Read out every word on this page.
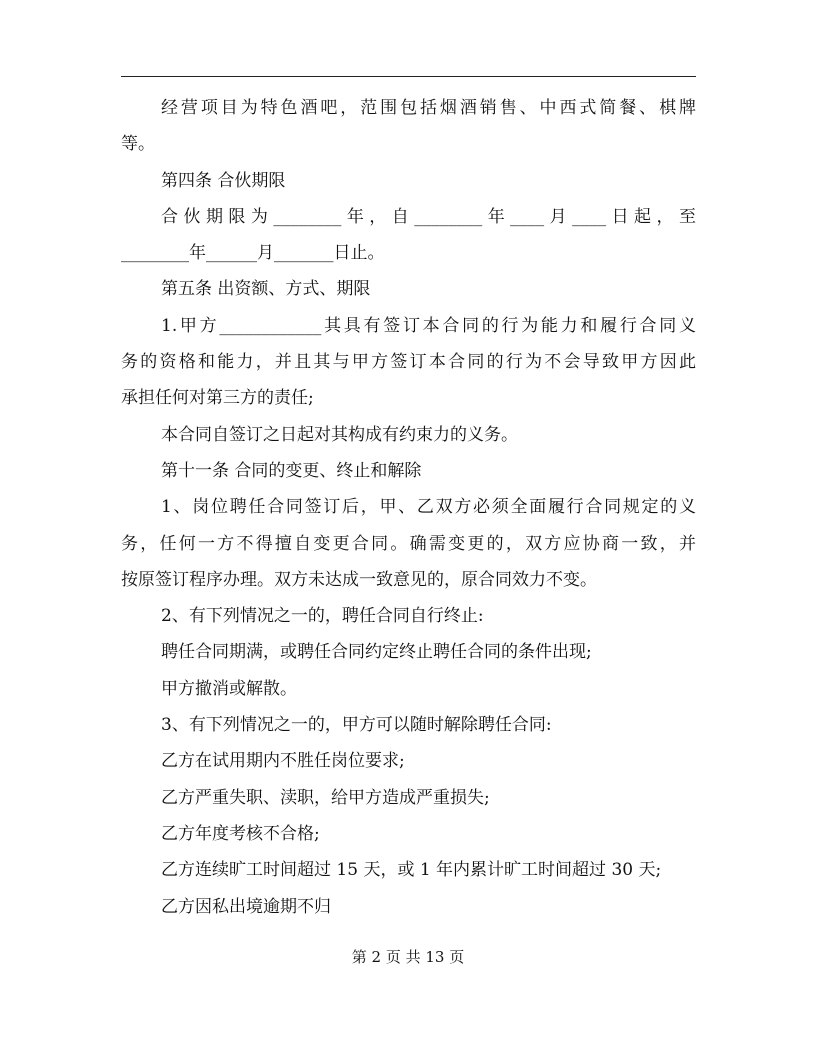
经营项目为特色酒吧，范围包括烟酒销售、中西式简餐、棋牌
等。
第四条 合伙期限
合伙期限为________年，自________年____月____日起，至
________年______月_______日止。
第五条 出资额、方式、期限
1.甲方____________其具有签订本合同的行为能力和履行合同义
务的资格和能力，并且其与甲方签订本合同的行为不会导致甲方因此
承担任何对第三方的责任;
本合同自签订之日起对其构成有约束力的义务。
第十一条 合同的变更、终止和解除
1、岗位聘任合同签订后，甲、乙双方必须全面履行合同规定的义
务，任何一方不得擅自变更合同。确需变更的，双方应协商一致，并
按原签订程序办理。双方未达成一致意见的，原合同效力不变。
2、有下列情况之一的，聘任合同自行终止:
聘任合同期满，或聘任合同约定终止聘任合同的条件出现;
甲方撤消或解散。
3、有下列情况之一的，甲方可以随时解除聘任合同:
乙方在试用期内不胜任岗位要求;
乙方严重失职、渎职，给甲方造成严重损失;
乙方年度考核不合格;
乙方连续旷工时间超过 15 天，或 1 年内累计旷工时间超过 30 天;
乙方因私出境逾期不归
第 2 页 共 13 页
